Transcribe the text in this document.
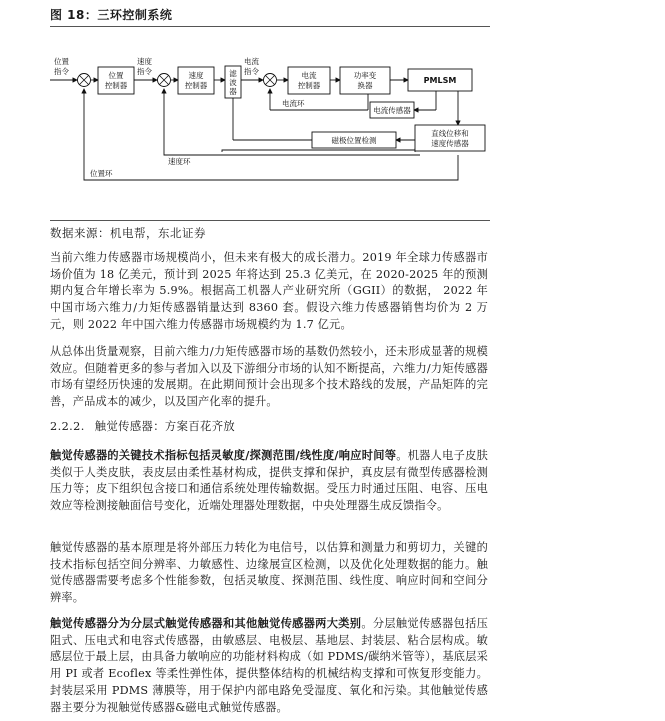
图 18：三环控制系统
位置
控制器
速度
控制器
滤
波
器
电流
控制器
功率变
换器
PMLSM
电流传感器
磁极位置检测
直线位移和
速度传感器
位置
指令
速度
指令
电流
指令
电流环
速度环
位置环
数据来源：机电帮，东北证券

当前六维力传感器市场规模尚小，但未来有极大的成长潜力。2019 年全球力传感器市场价值为 18 亿美元，预计到 2025 年将达到 25.3 亿美元，在 2020-2025 年的预测期内复合年增长率为 5.9%。根据高工机器人产业研究所（GGII）的数据， 2022 年中国市场六维力/力矩传感器销量达到 8360 套。假设六维力传感器销售均价为 2 万元，则 2022 年中国六维力传感器市场规模约为 1.7 亿元。

从总体出货量观察，目前六维力/力矩传感器市场的基数仍然较小，还未形成显著的规模效应。但随着更多的参与者加入以及下游细分市场的认知不断提高，六维力/力矩传感器市场有望经历快速的发展期。在此期间预计会出现多个技术路线的发展，产品矩阵的完善，产品成本的减少，以及国产化率的提升。

2.2.2. 触觉传感器：方案百花齐放

触觉传感器的关键技术指标包括灵敏度/探测范围/线性度/响应时间等。机器人电子皮肤类似于人类皮肤，表皮层由柔性基材构成，提供支撑和保护，真皮层有微型传感器检测压力等；皮下组织包含接口和通信系统处理传输数据。受压力时通过压阻、电容、压电效应等检测接触面信号变化，近端处理器处理数据，中央处理器生成反馈指令。

触觉传感器的基本原理是将外部压力转化为电信号，以估算和测量力和剪切力，关键的技术指标包括空间分辨率、力敏感性、边缘展宣区检测，以及优化处理数据的能力。触觉传感器需要考虑多个性能参数，包括灵敏度、探测范围、线性度、响应时间和空间分辨率。

触觉传感器分为分层式触觉传感器和其他触觉传感器两大类别。分层触觉传感器包括压阻式、压电式和电容式传感器，由敏感层、电极层、基地层、封装层、粘合层构成。敏感层位于最上层，由具备力敏响应的功能材料构成（如 PDMS/碳纳米管等），基底层采用 PI 或者 Ecoflex 等柔性弹性体，提供整体结构的机械结构支撑和可恢复形变能力。封装层采用 PDMS 薄膜等，用于保护内部电路免受湿度、氧化和污染。其他触觉传感器主要分为视触觉传感器&磁电式触觉传感器。
